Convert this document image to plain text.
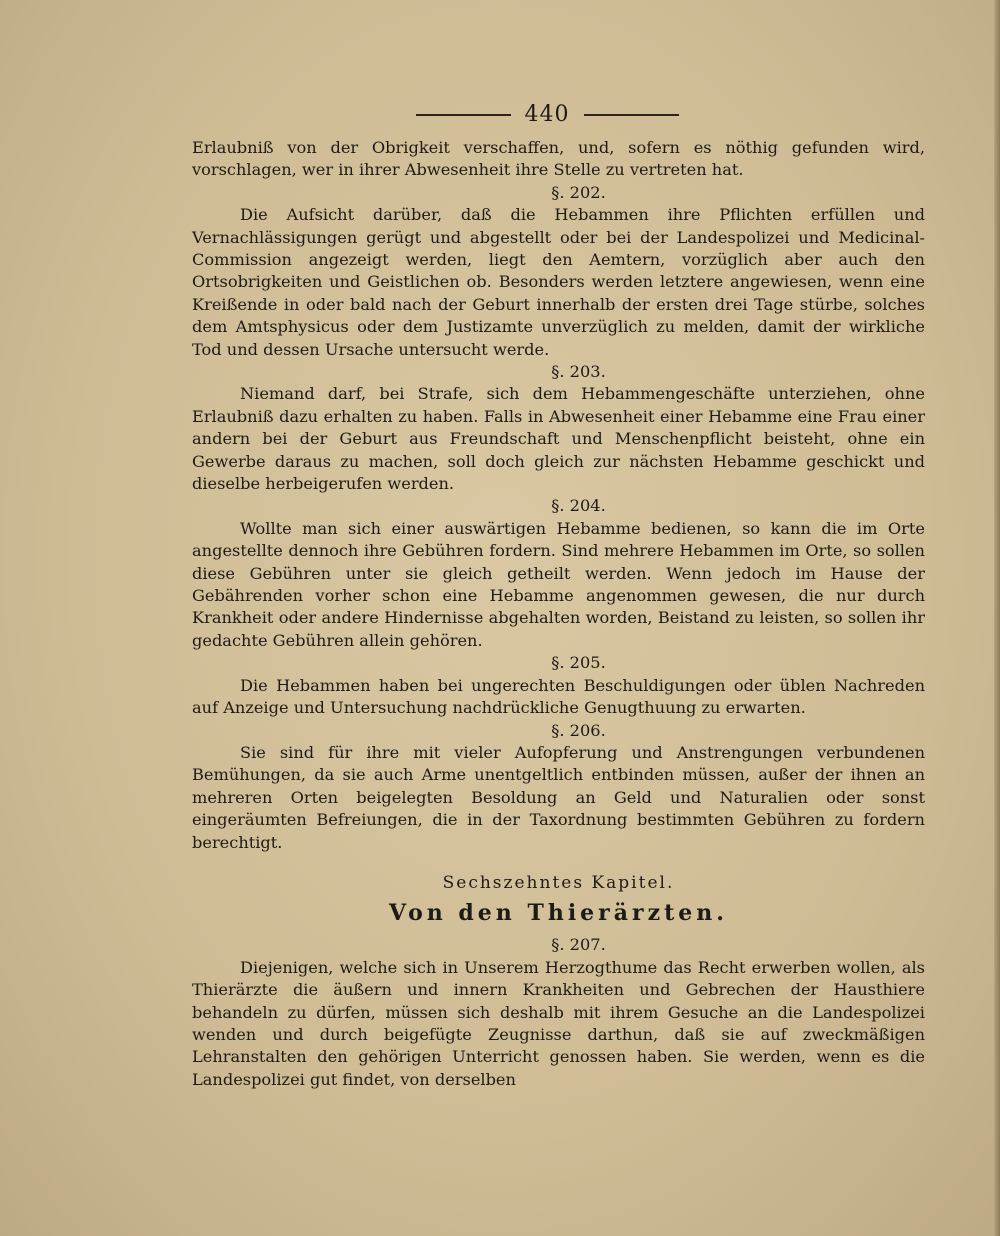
440

Erlaubniß von der Obrigkeit verschaffen, und, sofern es nöthig gefunden wird, vorschlagen, wer in ihrer Abwesenheit ihre Stelle zu vertreten hat.

§. 202.

Die Aufsicht darüber, daß die Hebammen ihre Pflichten erfüllen und Vernachlässigungen gerügt und abgestellt oder bei der Landespolizei und Medicinal-Commission angezeigt werden, liegt den Aemtern, vorzüglich aber auch den Ortsobrigkeiten und Geistlichen ob. Besonders werden letztere angewiesen, wenn eine Kreißende in oder bald nach der Geburt innerhalb der ersten drei Tage stürbe, solches dem Amtsphysicus oder dem Justizamte unverzüglich zu melden, damit der wirkliche Tod und dessen Ursache untersucht werde.

§. 203.

Niemand darf, bei Strafe, sich dem Hebammengeschäfte unterziehen, ohne Erlaubniß dazu erhalten zu haben. Falls in Abwesenheit einer Hebamme eine Frau einer andern bei der Geburt aus Freundschaft und Menschenpflicht beisteht, ohne ein Gewerbe daraus zu machen, soll doch gleich zur nächsten Hebamme geschickt und dieselbe herbeigerufen werden.

§. 204.

Wollte man sich einer auswärtigen Hebamme bedienen, so kann die im Orte angestellte dennoch ihre Gebühren fordern. Sind mehrere Hebammen im Orte, so sollen diese Gebühren unter sie gleich getheilt werden. Wenn jedoch im Hause der Gebährenden vorher schon eine Hebamme angenommen gewesen, die nur durch Krankheit oder andere Hindernisse abgehalten worden, Beistand zu leisten, so sollen ihr gedachte Gebühren allein gehören.

§. 205.

Die Hebammen haben bei ungerechten Beschuldigungen oder üblen Nachreden auf Anzeige und Untersuchung nachdrückliche Genugthuung zu erwarten.

§. 206.

Sie sind für ihre mit vieler Aufopferung und Anstrengungen verbundenen Bemühungen, da sie auch Arme unentgeltlich entbinden müssen, außer der ihnen an mehreren Orten beigelegten Besoldung an Geld und Naturalien oder sonst eingeräumten Befreiungen, die in der Taxordnung bestimmten Gebühren zu fordern berechtigt.

Sechszehntes Kapitel.

Von den Thierärzten.

§. 207.

Diejenigen, welche sich in Unserem Herzogthume das Recht erwerben wollen, als Thierärzte die äußern und innern Krankheiten und Gebrechen der Hausthiere behandeln zu dürfen, müssen sich deshalb mit ihrem Gesuche an die Landespolizei wenden und durch beigefügte Zeugnisse darthun, daß sie auf zweckmäßigen Lehranstalten den gehörigen Unterricht genossen haben. Sie werden, wenn es die Landespolizei gut findet, von derselben
